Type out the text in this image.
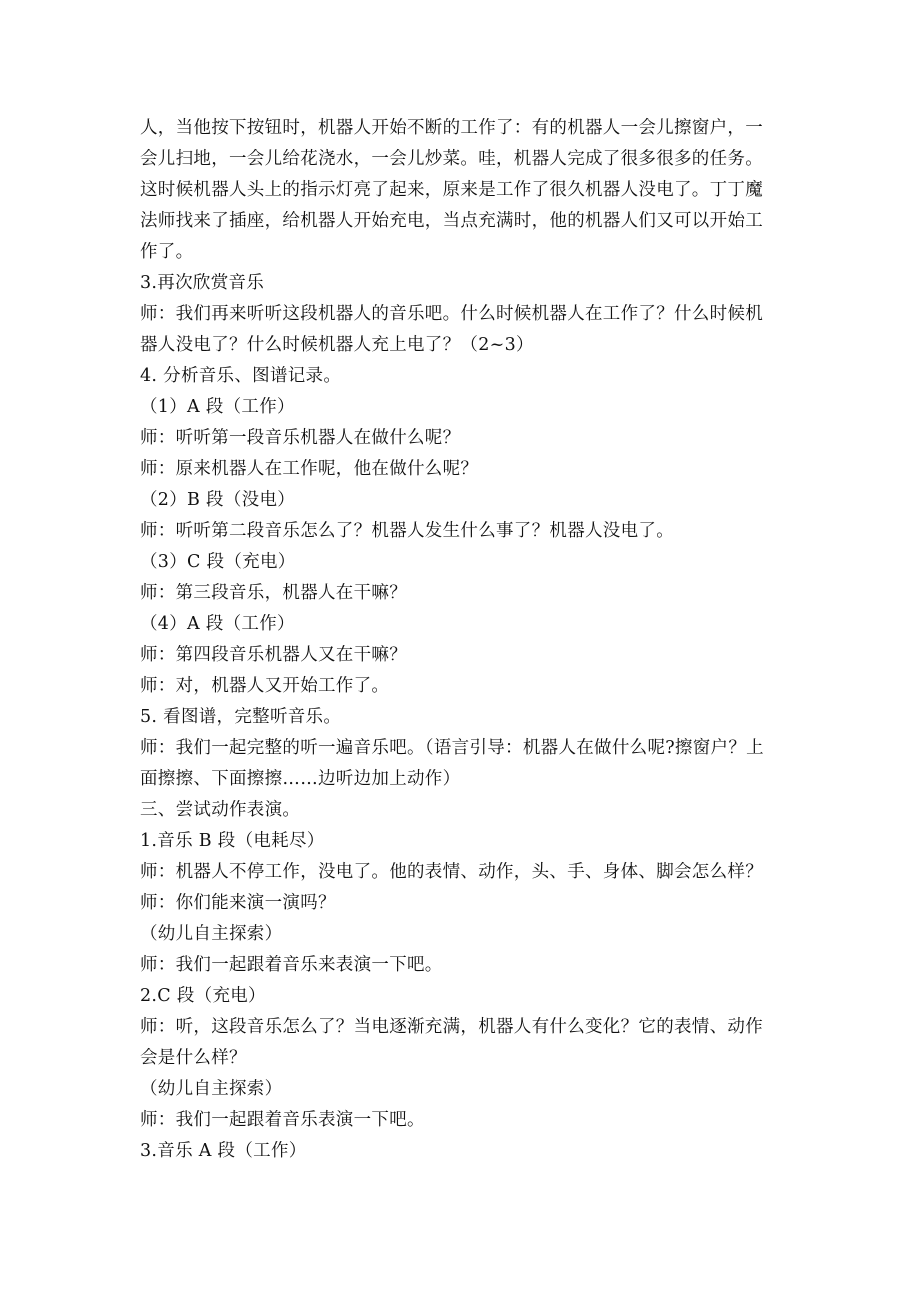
人，当他按下按钮时，机器人开始不断的工作了：有的机器人一会儿擦窗户，一
会儿扫地，一会儿给花浇水，一会儿炒菜。哇，机器人完成了很多很多的任务。
这时候机器人头上的指示灯亮了起来，原来是工作了很久机器人没电了。丁丁魔
法师找来了插座，给机器人开始充电，当点充满时，他的机器人们又可以开始工
作了。
3.再次欣赏音乐
师：我们再来听听这段机器人的音乐吧。什么时候机器人在工作了？什么时候机
器人没电了？什么时候机器人充上电了？（2~3）
4. 分析音乐、图谱记录。
（1）A 段（工作）
师：听听第一段音乐机器人在做什么呢？
师：原来机器人在工作呢，他在做什么呢？
（2）B 段（没电）
师：听听第二段音乐怎么了？机器人发生什么事了？机器人没电了。
（3）C 段（充电）
师：第三段音乐，机器人在干嘛？
（4）A 段（工作）
师：第四段音乐机器人又在干嘛？
师：对，机器人又开始工作了。
5. 看图谱，完整听音乐。
师：我们一起完整的听一遍音乐吧。（语言引导：机器人在做什么呢?擦窗户？上
面擦擦、下面擦擦……边听边加上动作）
三、尝试动作表演。
1.音乐 B 段（电耗尽）
师：机器人不停工作，没电了。他的表情、动作，头、手、身体、脚会怎么样？
师：你们能来演一演吗？
（幼儿自主探索）
师：我们一起跟着音乐来表演一下吧。
2.C 段（充电）
师：听，这段音乐怎么了？当电逐渐充满，机器人有什么变化？它的表情、动作
会是什么样？
（幼儿自主探索）
师：我们一起跟着音乐表演一下吧。
3.音乐 A 段（工作）
